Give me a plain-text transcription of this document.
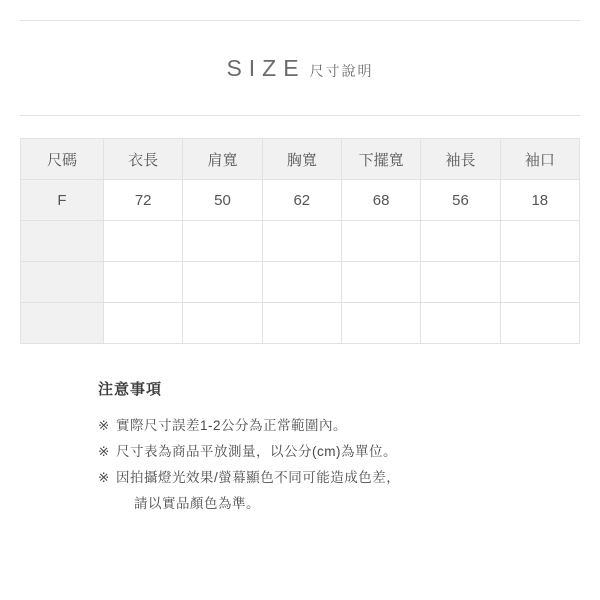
SIZE 尺寸說明
尺碼	衣長	肩寬	胸寬	下擺寬	袖長	袖口
F	72	50	62	68	56	18

注意事項
※ 實際尺寸誤差1-2公分為正常範圍內。
※ 尺寸表為商品平放測量，以公分(cm)為單位。
※ 因拍攝燈光效果/螢幕顯色不同可能造成色差，
請以實品顏色為準。
